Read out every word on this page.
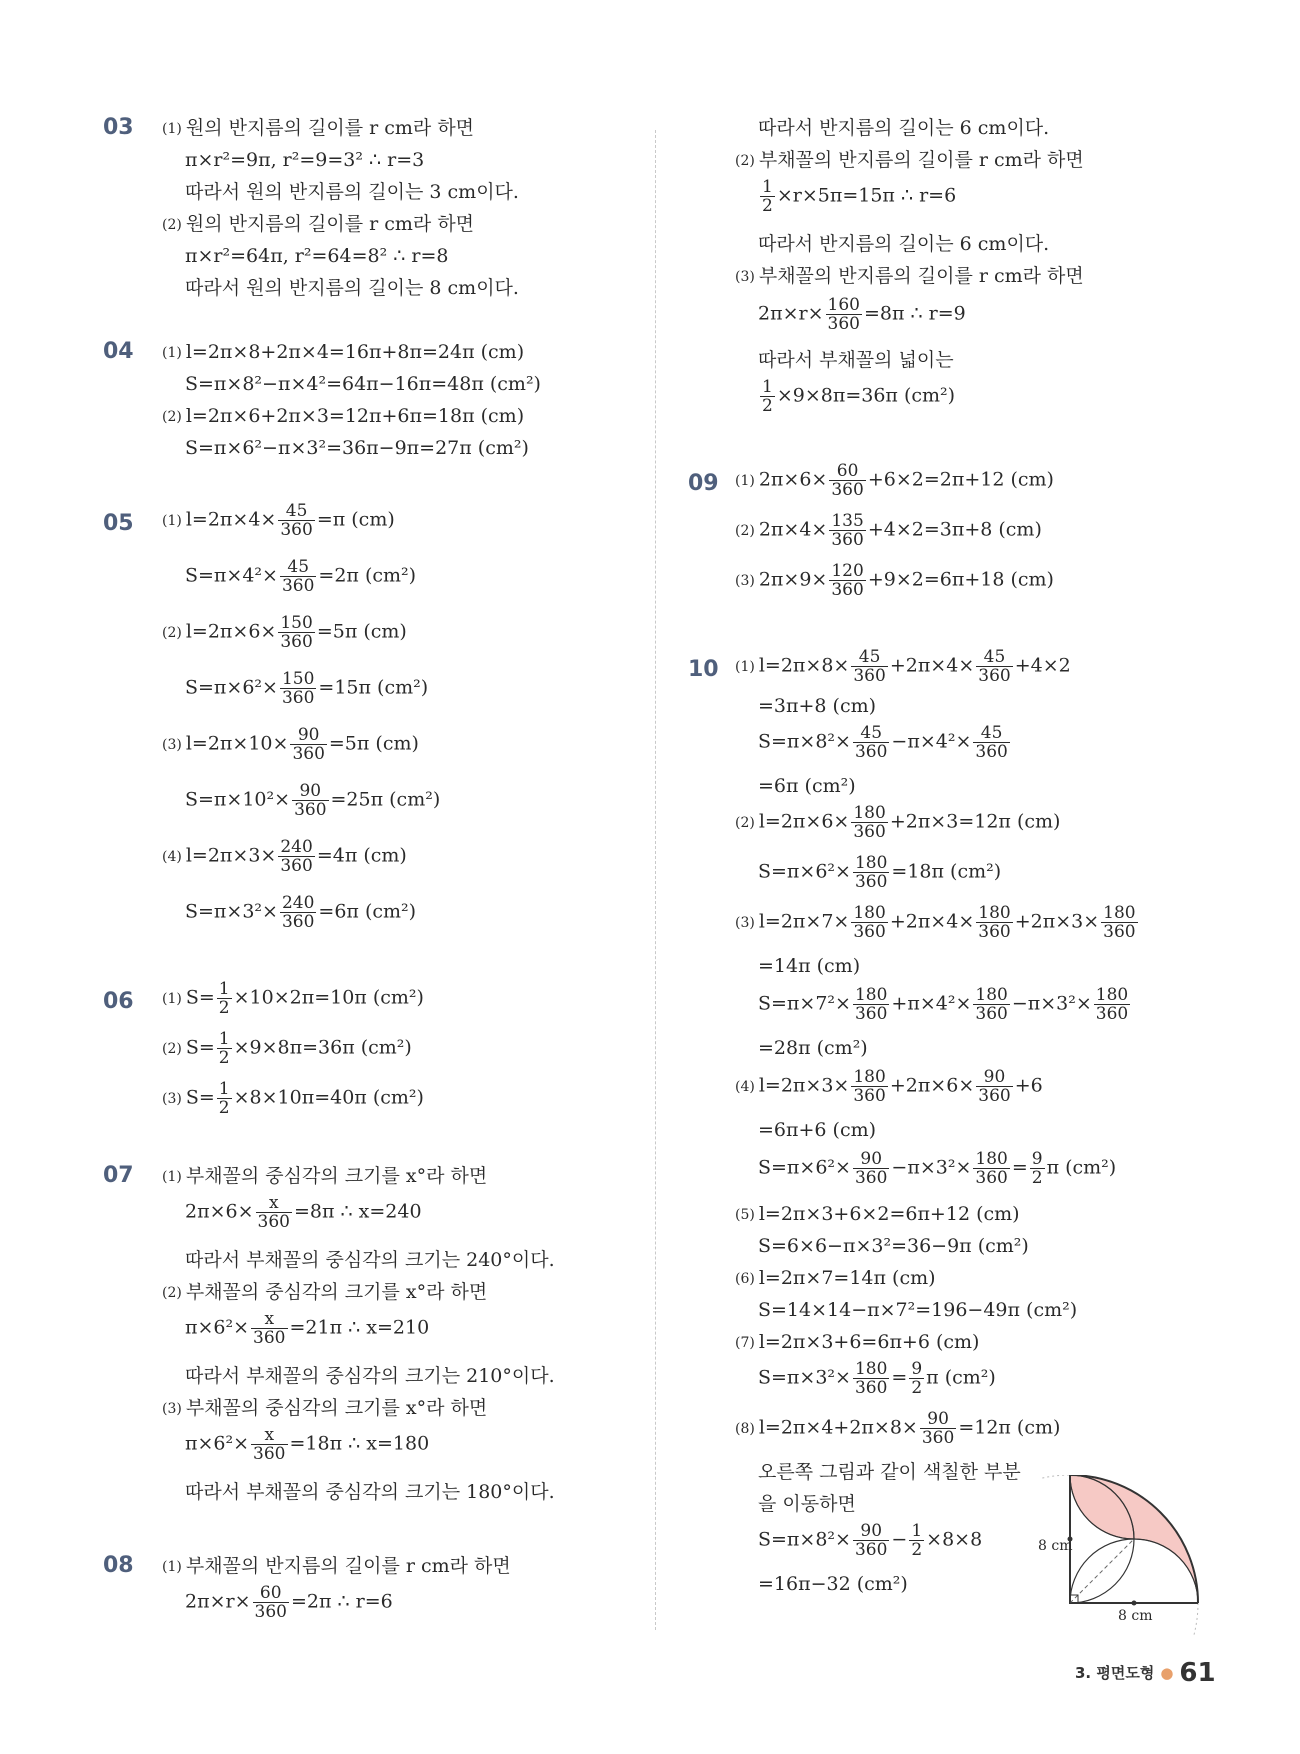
03 (1) 원의 반지름의 길이를 r cm라 하면
π×r²=9π, r²=9=3² ∴ r=3
따라서 원의 반지름의 길이는 3 cm이다.
(2) 원의 반지름의 길이를 r cm라 하면
π×r²=64π, r²=64=8² ∴ r=8
따라서 원의 반지름의 길이는 8 cm이다.
04 (1) l=2π×8+2π×4=16π+8π=24π (cm)
S=π×8²−π×4²=64π−16π=48π (cm²)
(2) l=2π×6+2π×3=12π+6π=18π (cm)
S=π×6²−π×3²=36π−9π=27π (cm²)
05 (1) $l=2\pi\times 4\times \frac{45}{360} =\pi$ (cm)
$S=\pi\times 4^2\times \frac{45}{360} =2\pi$ (cm²)
(2) $l=2\pi\times 6\times \frac{150}{360} =5\pi$ (cm)
$S=\pi\times 6^2\times \frac{150}{360} =15\pi$ (cm²)
(3) $l=2\pi\times 10\times \frac{90}{360} =5\pi$ (cm)
$S=\pi\times 10^2\times \frac{90}{360} =25\pi$ (cm²)
(4) $l=2\pi\times 3\times \frac{240}{360} =4\pi$ (cm)
$S=\pi\times 3^2\times \frac{240}{360} =6\pi$ (cm²)
06 (1) $S= \frac{1}{2} \times 10\times 2\pi=10\pi$ (cm²)
(2) $S= \frac{1}{2} \times 9\times 8\pi=36\pi$ (cm²)
(3) $S= \frac{1}{2} \times 8\times 10\pi=40\pi$ (cm²)
07 (1) 부채꼴의 중심각의 크기를 x°라 하면
$2\pi\times 6\times \frac{x}{360} =8\pi$ ∴ x=240
따라서 부채꼴의 중심각의 크기는 240°이다.
(2) 부채꼴의 중심각의 크기를 x°라 하면
$\pi\times 6^2\times \frac{x}{360} =21\pi$ ∴ x=210
따라서 부채꼴의 중심각의 크기는 210°이다.
(3) 부채꼴의 중심각의 크기를 x°라 하면
$\pi\times 6^2\times \frac{x}{360} =18\pi$ ∴ x=180
따라서 부채꼴의 중심각의 크기는 180°이다.
08 (1) 부채꼴의 반지름의 길이를 r cm라 하면
$2\pi\times r\times \frac{60}{360} =2\pi$ ∴ r=6
따라서 반지름의 길이는 6 cm이다.
(2) 부채꼴의 반지름의 길이를 r cm라 하면
$\frac{1}{2} \times r\times 5\pi=15\pi$ ∴ r=6
따라서 반지름의 길이는 6 cm이다.
(3) 부채꼴의 반지름의 길이를 r cm라 하면
$2\pi\times r\times \frac{160}{360} =8\pi$ ∴ r=9
따라서 부채꼴의 넓이는
$\frac{1}{2} \times 9\times 8\pi=36\pi$ (cm²)
09 (1) $2\pi\times 6\times \frac{60}{360} +6\times 2=2\pi+12$ (cm)
(2) $2\pi\times 4\times \frac{135}{360} +4\times 2=3\pi+8$ (cm)
(3) $2\pi\times 9\times \frac{120}{360} +9\times 2=6\pi+18$ (cm)
10 (1) $l=2\pi\times 8\times \frac{45}{360} +2\pi\times 4\times \frac{45}{360} +4\times 2$
=3π+8 (cm)
$S=\pi\times 8^2\times \frac{45}{360} -\pi\times 4^2\times \frac{45}{360}$
=6π (cm²)
(2) $l=2\pi\times 6\times \frac{180}{360} +2\pi\times 3=12\pi$ (cm)
$S=\pi\times 6^2\times \frac{180}{360} =18\pi$ (cm²)
(3) $l=2\pi\times 7\times \frac{180}{360} +2\pi\times 4\times \frac{180}{360} +2\pi\times 3\times \frac{180}{360}$
=14π (cm)
$S=\pi\times 7^2\times \frac{180}{360} +\pi\times 4^2\times \frac{180}{360} -\pi\times 3^2\times \frac{180}{360}$
=28π (cm²)
(4) $l=2\pi\times 3\times \frac{180}{360} +2\pi\times 6\times \frac{90}{360} +6$
=6π+6 (cm)
$S=\pi\times 6^2\times \frac{90}{360} -\pi\times 3^2\times \frac{180}{360} = \frac{9}{2}$ π (cm²)
(5) l=2π×3+6×2=6π+12 (cm)
S=6×6−π×3²=36−9π (cm²)
(6) l=2π×7=14π (cm)
S=14×14−π×7²=196−49π (cm²)
(7) l=2π×3+6=6π+6 (cm)
$S=\pi\times 3^2\times \frac{180}{360} = \frac{9}{2}$ π (cm²)
(8) $l=2\pi\times 4+2\pi\times 8\times \frac{90}{360} =12\pi$ (cm)
오른쪽 그림과 같이 색칠한 부분
을 이동하면
$S=\pi\times 8^2\times \frac{90}{360} - \frac{1}{2} \times 8\times 8$
=16π−32 (cm²)
8 cm
8 cm
3. 평면도형 ● 61
